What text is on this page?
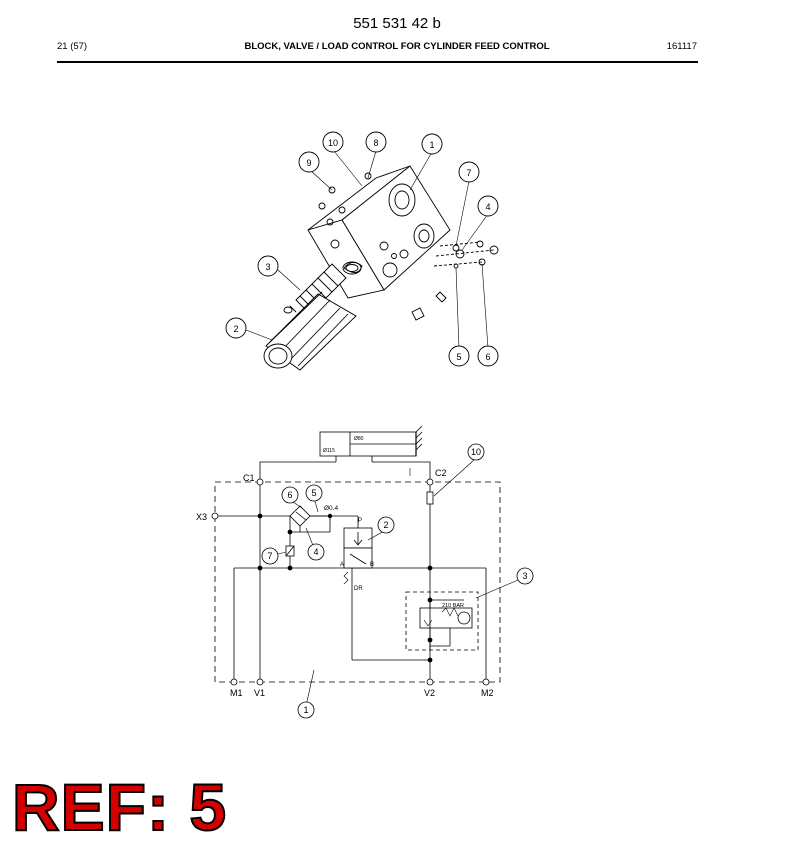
551 531 42 b
21 (57)	BLOCK, VALVE / LOAD CONTROL FOR CYLINDER FEED CONTROL	161117
1
2
3
4
5	6
7
8
9
10
1
2
3
4
5
6
7
10
C1	C2
X3
M1 V1	V2	M2
Ø0.4
210 BAR
Ø115
Ø80
A	B
P
DR
REF: 5
